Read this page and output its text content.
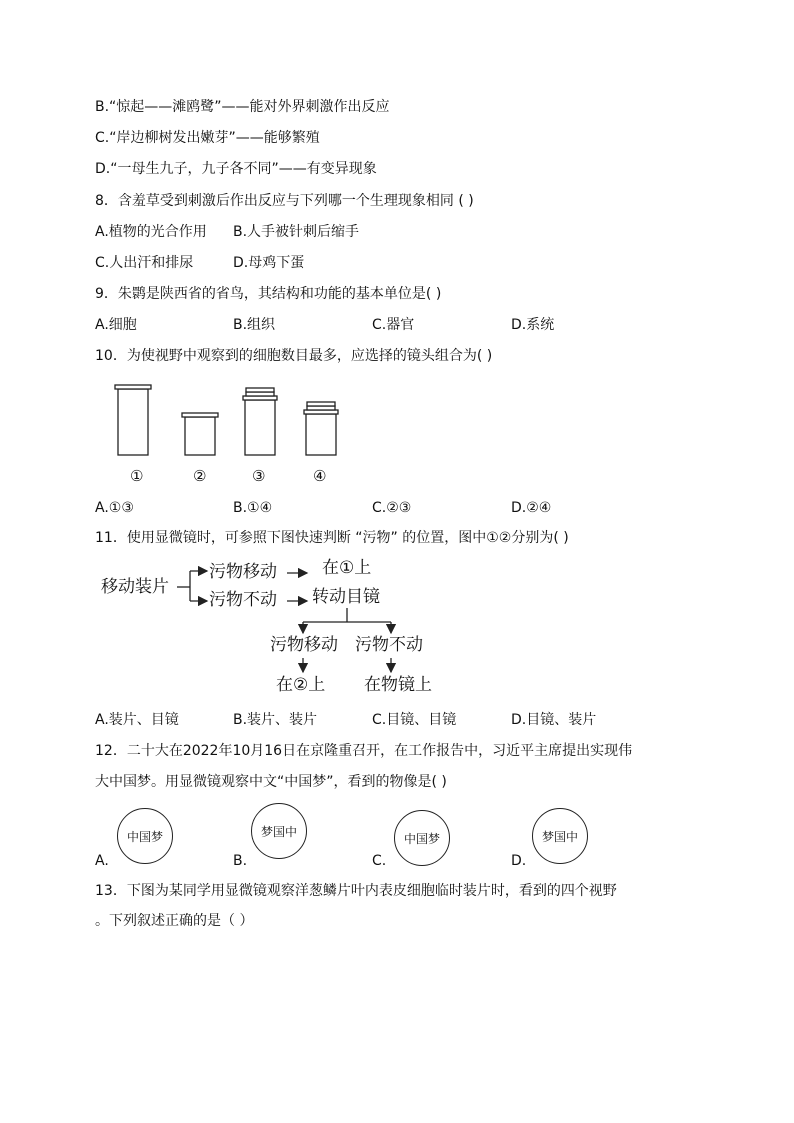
B.“惊起——滩鸥鹭”——能对外界刺激作出反应
C.“岸边柳树发出嫩芽”——能够繁殖
D.“一母生九子，九子各不同”——有变异现象
8．含羞草受到刺激后作出反应与下列哪一个生理现象相同 ( )
A.植物的光合作用 B.人手被针刺后缩手
C.人出汗和排尿	D.母鸡下蛋
9．朱鹮是陕西省的省鸟，其结构和功能的基本单位是( )
A.细胞	B.组织	C.器官	D.系统
10．为使视野中观察到的细胞数目最多，应选择的镜头组合为( )
①	②	③	④
A.①③	B.①④	C.②③	D.②④
11．使用显微镜时，可参照下图快速判断 “污物” 的位置，图中①②分别为( )
移动装片
污物移动	在①上
污物不动 转动目镜
污物移动 污物不动
在②上 在物镜上
A.装片、目镜	B.装片、装片	C.目镜、目镜	D.目镜、装片
12．二十大在2022年10月16日在京隆重召开，在工作报告中，习近平主席提出实现伟
大中国梦。用显微镜观察中文“中国梦”，看到的物像是( )
中国梦	梦国中	中国梦	梦国中
A.	B.	C.	D.
13．下图为某同学用显微镜观察洋葱鳞片叶内表皮细胞临时装片时，看到的四个视野
。下列叙述正确的是（ ）
